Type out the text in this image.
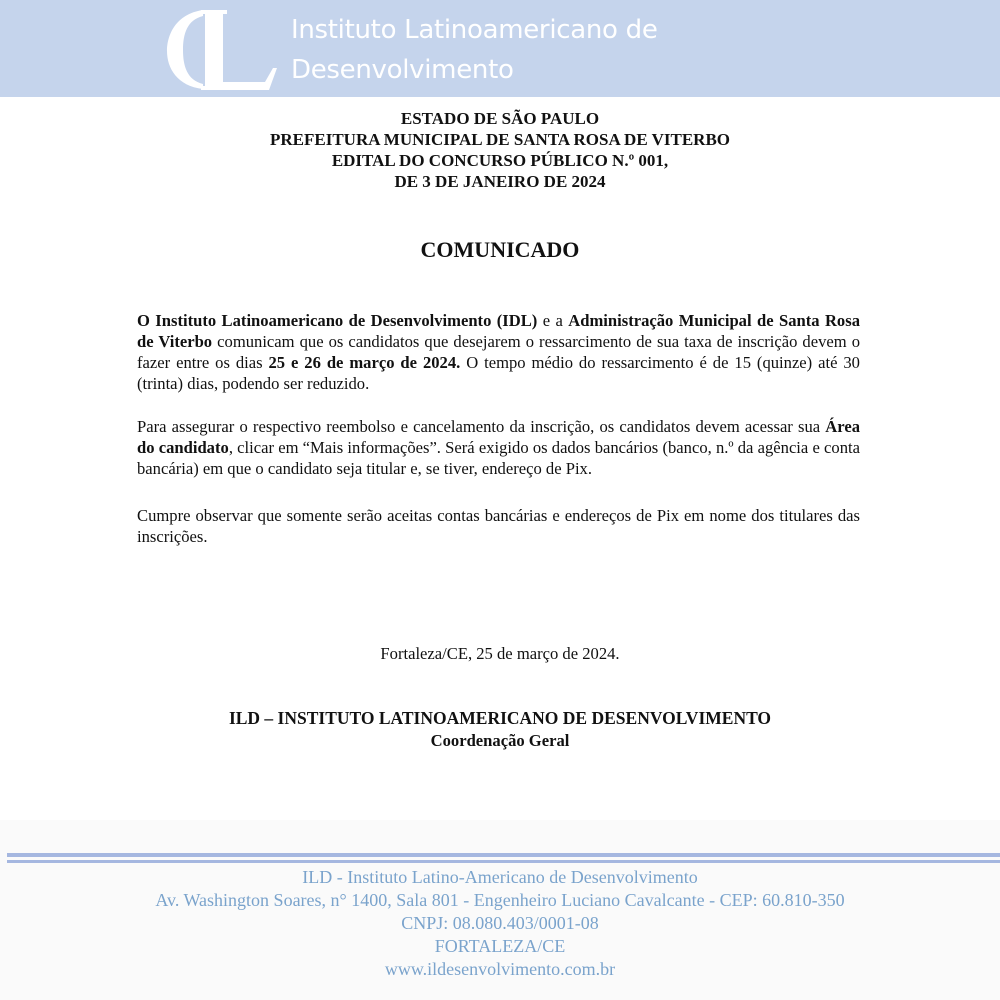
Instituto Latinoamericano de
Desenvolvimento
ESTADO DE SÃO PAULO
PREFEITURA MUNICIPAL DE SANTA ROSA DE VITERBO
EDITAL DO CONCURSO PÚBLICO N.º 001,
DE 3 DE JANEIRO DE 2024
COMUNICADO
O Instituto Latinoamericano de Desenvolvimento (IDL) e a Administração Municipal de Santa Rosa de Viterbo comunicam que os candidatos que desejarem o ressarcimento de sua taxa de inscrição devem o fazer entre os dias 25 e 26 de março de 2024. O tempo médio do ressarcimento é de 15 (quinze) até 30 (trinta) dias, podendo ser reduzido.
Para assegurar o respectivo reembolso e cancelamento da inscrição, os candidatos devem acessar sua Área do candidato, clicar em “Mais informações”. Será exigido os dados bancários (banco, n.º da agência e conta bancária) em que o candidato seja titular e, se tiver, endereço de Pix.
Cumpre observar que somente serão aceitas contas bancárias e endereços de Pix em nome dos titulares das inscrições.
Fortaleza/CE, 25 de março de 2024.
ILD – INSTITUTO LATINOAMERICANO DE DESENVOLVIMENTO
Coordenação Geral
ILD - Instituto Latino-Americano de Desenvolvimento
Av. Washington Soares, n° 1400, Sala 801 - Engenheiro Luciano Cavalcante - CEP: 60.810-350
CNPJ: 08.080.403/0001-08
FORTALEZA/CE
www.ildesenvolvimento.com.br
